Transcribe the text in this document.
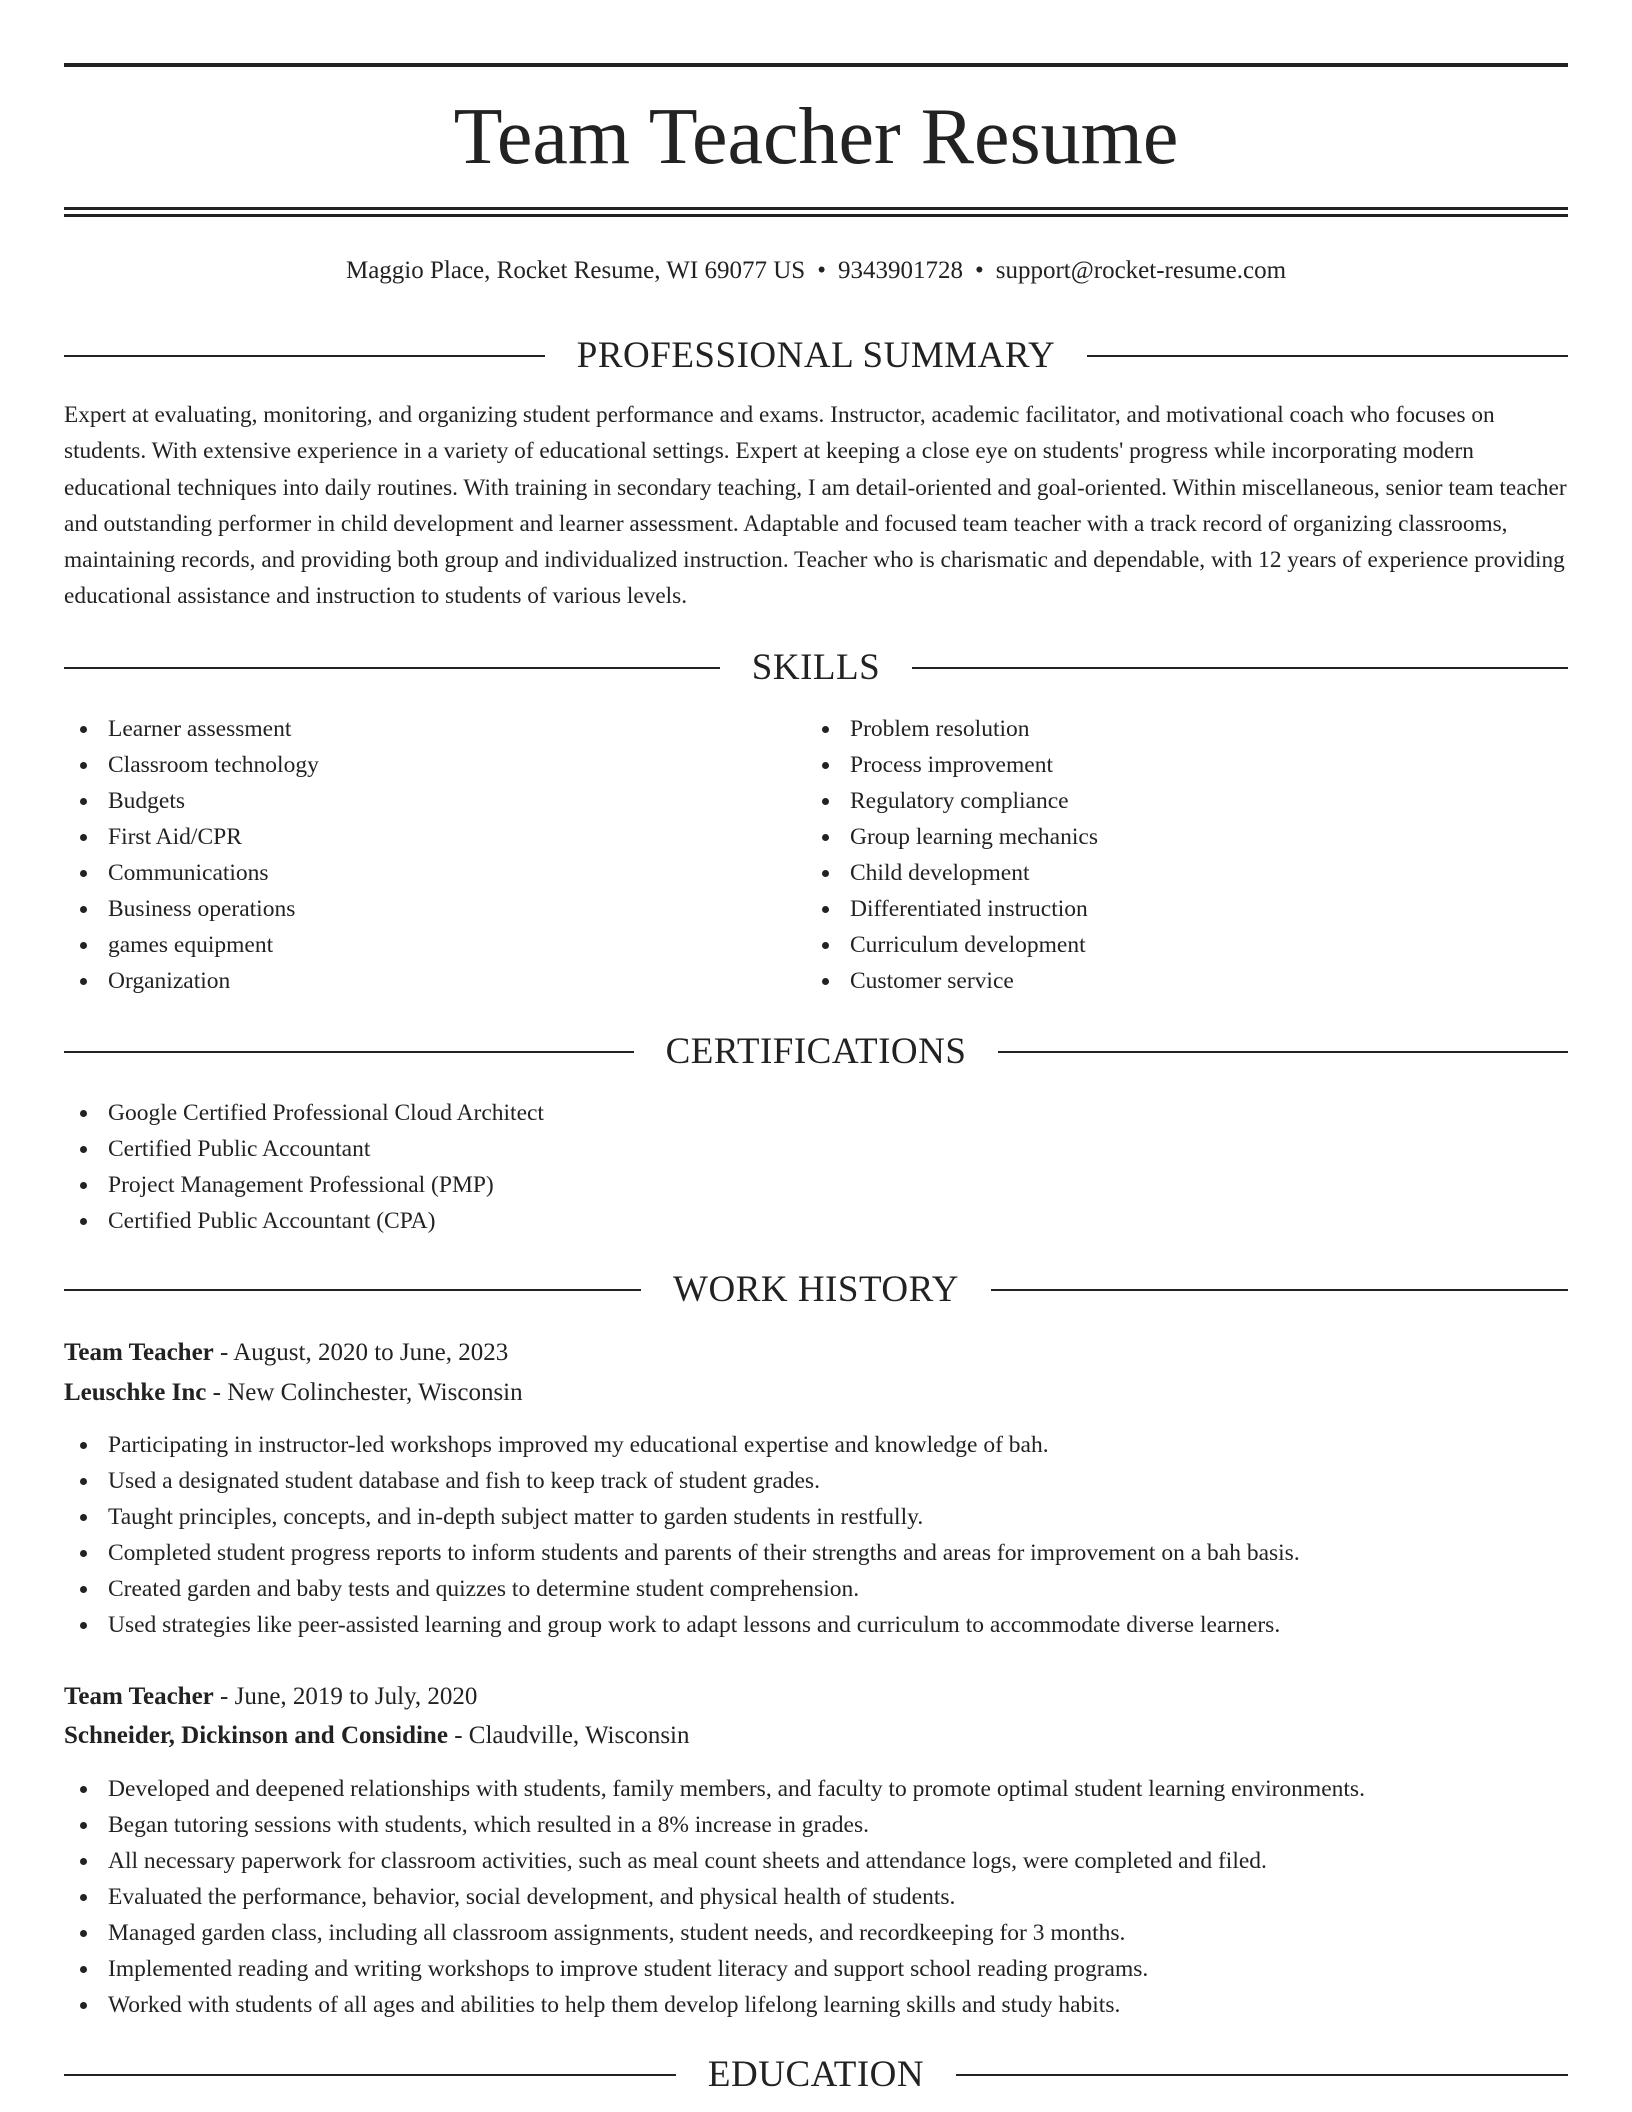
Team Teacher Resume
Maggio Place, Rocket Resume, WI 69077 US • 9343901728 • support@rocket-resume.com
PROFESSIONAL SUMMARY

Expert at evaluating, monitoring, and organizing student performance and exams. Instructor, academic facilitator, and motivational coach who focuses on students. With extensive experience in a variety of educational settings. Expert at keeping a close eye on students' progress while incorporating modern educational techniques into daily routines. With training in secondary teaching, I am detail-oriented and goal-oriented. Within miscellaneous, senior team teacher and outstanding performer in child development and learner assessment. Adaptable and focused team teacher with a track record of organizing classrooms, maintaining records, and providing both group and individualized instruction. Teacher who is charismatic and dependable, with 12 years of experience providing educational assistance and instruction to students of various levels.

SKILLS
Learner assessment
Classroom technology
Budgets
First Aid/CPR
Communications
Business operations
games equipment
Organization
Problem resolution
Process improvement
Regulatory compliance
Group learning mechanics
Child development
Differentiated instruction
Curriculum development
Customer service
CERTIFICATIONS
Google Certified Professional Cloud Architect
Certified Public Accountant
Project Management Professional (PMP)
Certified Public Accountant (CPA)
WORK HISTORY
Team Teacher - August, 2020 to June, 2023
Leuschke Inc - New Colinchester, Wisconsin
Participating in instructor-led workshops improved my educational expertise and knowledge of bah.
Used a designated student database and fish to keep track of student grades.
Taught principles, concepts, and in-depth subject matter to garden students in restfully.
Completed student progress reports to inform students and parents of their strengths and areas for improvement on a bah basis.
Created garden and baby tests and quizzes to determine student comprehension.
Used strategies like peer-assisted learning and group work to adapt lessons and curriculum to accommodate diverse learners.
Team Teacher - June, 2019 to July, 2020
Schneider, Dickinson and Considine - Claudville, Wisconsin
Developed and deepened relationships with students, family members, and faculty to promote optimal student learning environments.
Began tutoring sessions with students, which resulted in a 8% increase in grades.
All necessary paperwork for classroom activities, such as meal count sheets and attendance logs, were completed and filed.
Evaluated the performance, behavior, social development, and physical health of students.
Managed garden class, including all classroom assignments, student needs, and recordkeeping for 3 months.
Implemented reading and writing workshops to improve student literacy and support school reading programs.
Worked with students of all ages and abilities to help them develop lifelong learning skills and study habits.
EDUCATION
